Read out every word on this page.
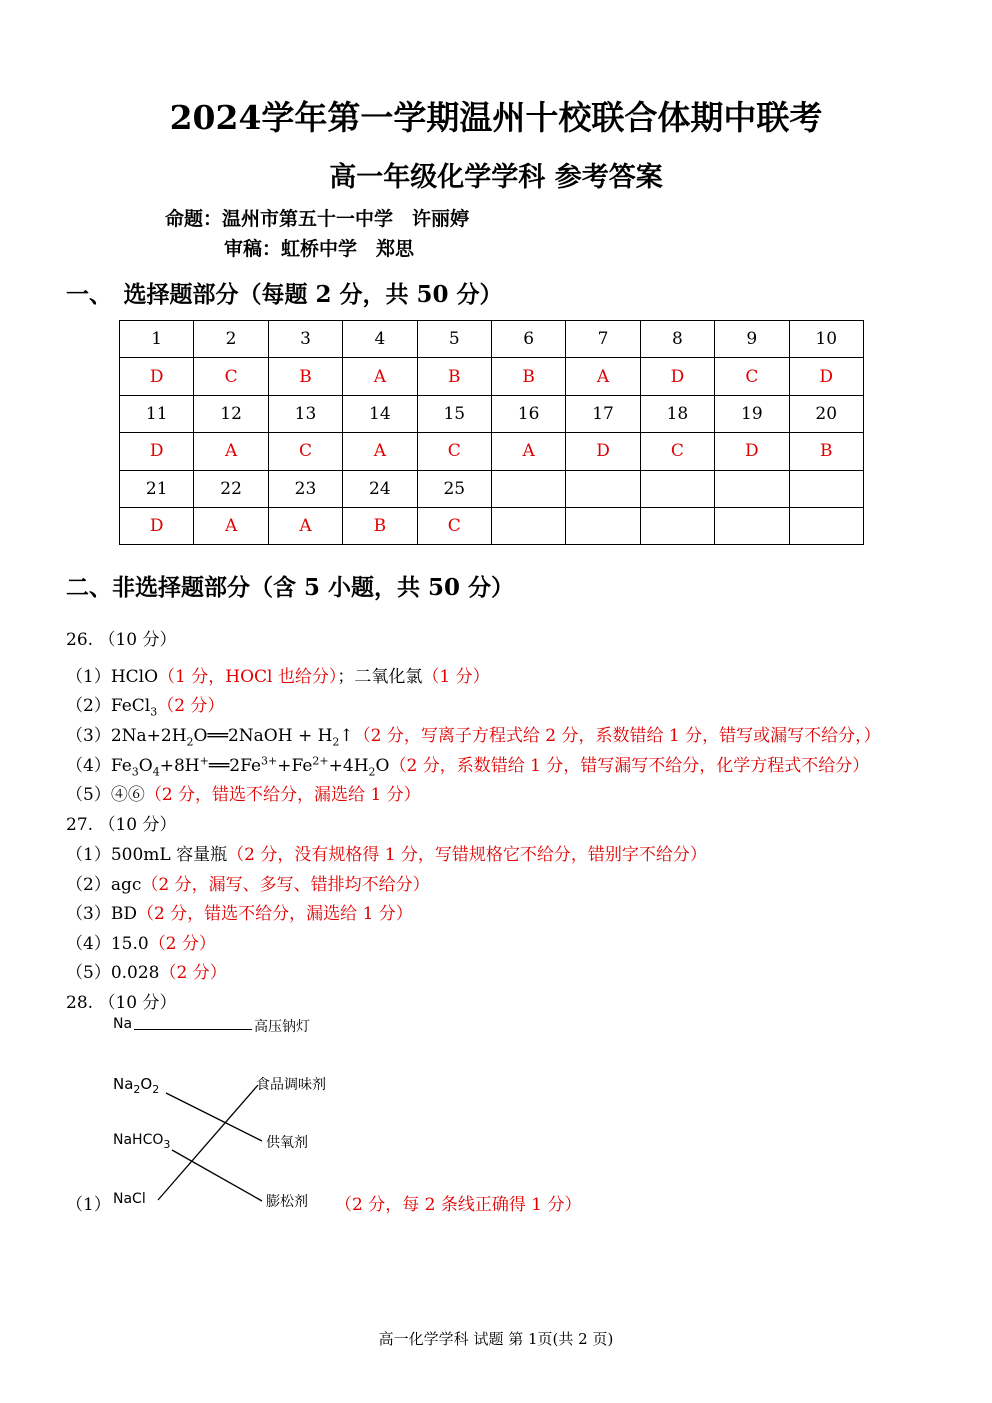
2024学年第一学期温州十校联合体期中联考
高一年级化学学科 参考答案
命题：温州市第五十一中学　许丽婷
审稿：虹桥中学　郑思
一、　选择题部分（每题 2 分，共 50 分）
1	2	3	4	5	6	7	8	9	10
D	C	B	A	B	B	A	D	C	D
11	12	13	14	15	16	17	18	19	20
D	A	C	A	C	A	D	C	D	B
21	22	23	24	25					
D	A	A	B	C					
二、非选择题部分（含 5 小题，共 50 分）
26. （10 分）
（1）HClO（1 分，HOCl 也给分）；二氧化氯（1 分）
（2）FeCl$_3$（2 分）
$(3)2Na+2H_2O══2NaOH$ + $H_2↑(2$ 分，写离子方程式给 2 分，系数错给 1 分，错写或漏写不给分，）
$(4)Fe_3O_4+8H^+══2Fe^{3+}+Fe^{2+}+4H_2O(2$ 分，系数错给 1 分，错写漏写不给分，化学方程式不给分）
（5）④⑥（2 分，错选不给分，漏选给 1 分）
27. （10 分）
（1）500mL 容量瓶（2 分，没有规格得 1 分，写错规格它不给分，错别字不给分）
（2）agc（2 分，漏写、多写、错排均不给分）
（3）BD（2 分，错选不给分，漏选给 1 分）
（4）15.0（2 分）
（5）0.028（2 分）
28. （10 分）
Na	高压钠灯
$Na_2O_2$	食品调味剂
NaHCO$_3$	供氧剂
（1） NaCl	膨松剂 （2 分，每 2 条线正确得 1 分）
高一化学学科 试题 第 1页(共 2 页)
